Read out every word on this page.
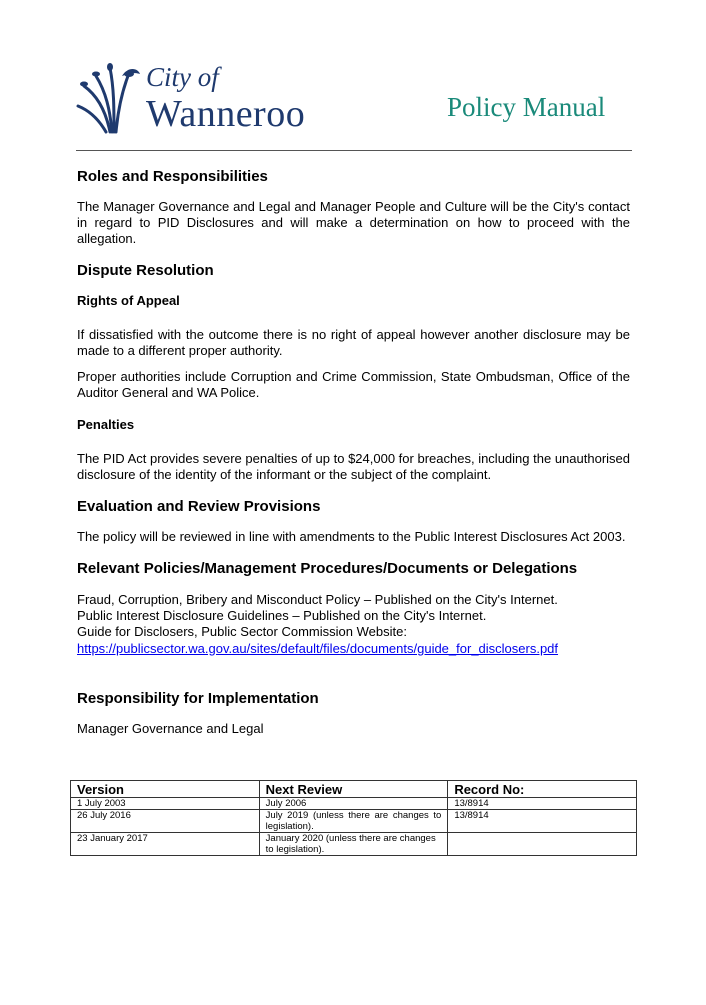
City of
Wanneroo	Policy Manual
Roles and Responsibilities

The Manager Governance and Legal and Manager People and Culture will be the City's contact in regard to PID Disclosures and will make a determination on how to proceed with the allegation.

Dispute Resolution
Rights of Appeal

If dissatisfied with the outcome there is no right of appeal however another disclosure may be made to a different proper authority.

Proper authorities include Corruption and Crime Commission, State Ombudsman, Office of the Auditor General and WA Police.

Penalties

The PID Act provides severe penalties of up to $24,000 for breaches, including the unauthorised disclosure of the identity of the informant or the subject of the complaint.

Evaluation and Review Provisions

The policy will be reviewed in line with amendments to the Public Interest Disclosures Act 2003.

Relevant Policies/Management Procedures/Documents or Delegations

Fraud, Corruption, Bribery and Misconduct Policy – Published on the City's Internet.

Public Interest Disclosure Guidelines – Published on the City's Internet.

Guide for Disclosers, Public Sector Commission Website:

https://publicsector.wa.gov.au/sites/default/files/documents/guide_for_disclosers.pdf
Responsibility for Implementation

Manager Governance and Legal

Version	Next Review	Record No:
1 July 2003	July 2006	13/8914
26 July 2016	July 2019 (unless there are changes to legislation).	13/8914
23 January 2017	January 2020 (unless there are changes to legislation).	
